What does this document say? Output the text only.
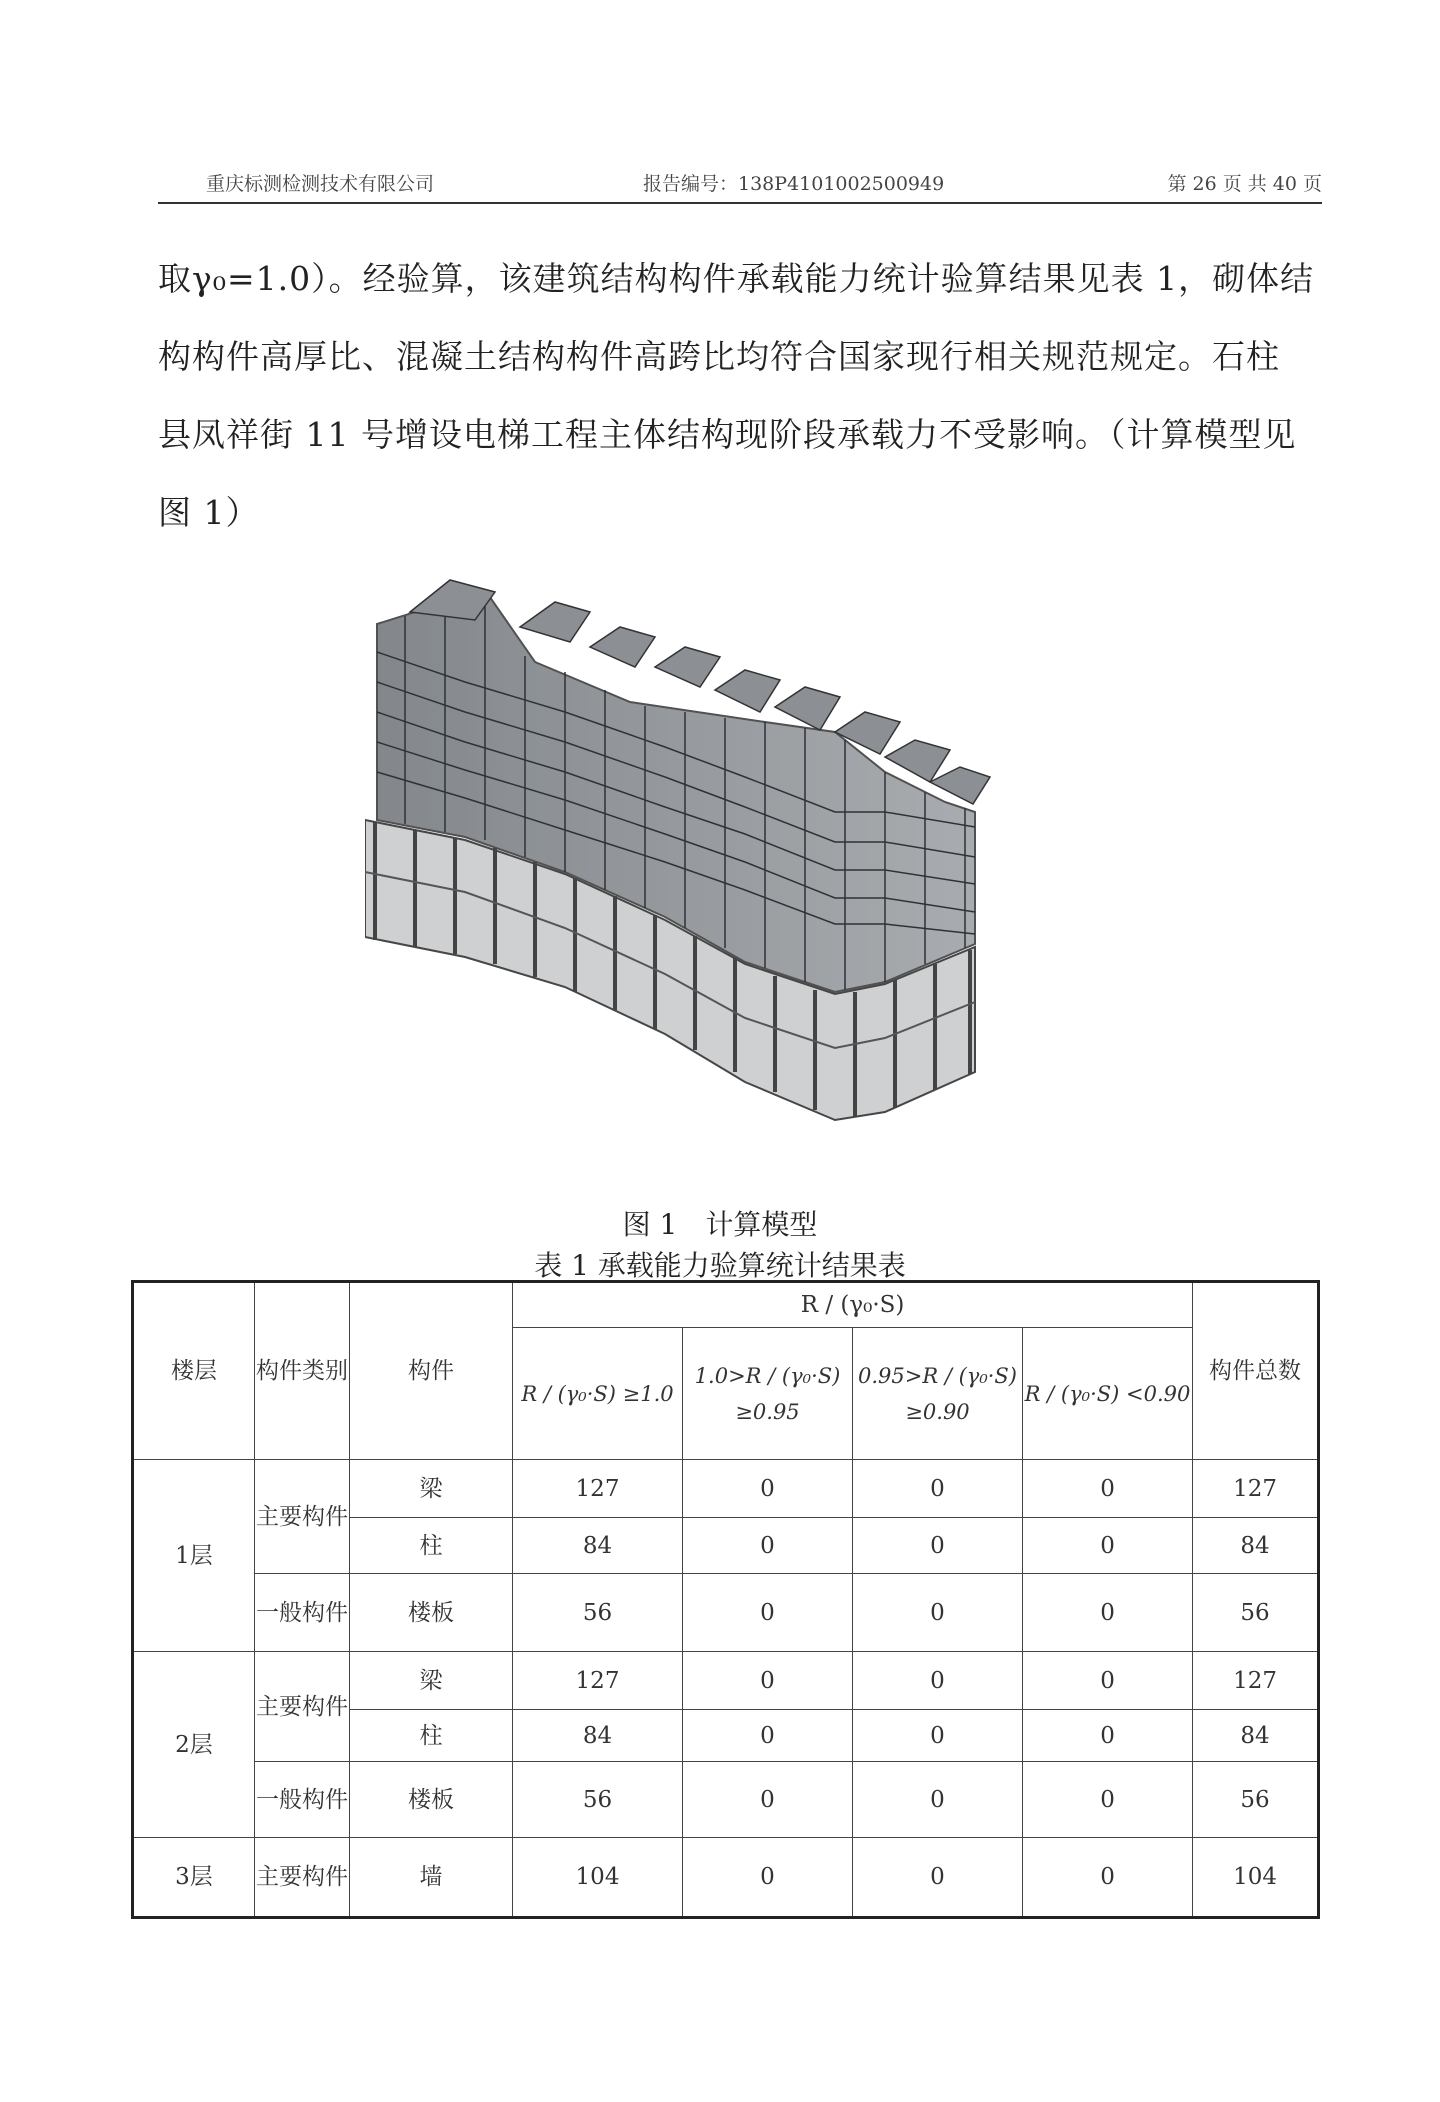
重庆标测检测技术有限公司	报告编号：138P4101002500949	第 26 页 共 40 页

取γ₀=1.0）。经验算，该建筑结构构件承载能力统计验算结果见表 1，砌体结

构构件高厚比、混凝土结构构件高跨比均符合国家现行相关规范规定。石柱

县凤祥街 11 号增设电梯工程主体结构现阶段承载力不受影响。（计算模型见

图 1）

图 1　计算模型
表 1 承载能力验算统计结果表
楼层	构件类别	构件	R / (γ₀·S)				构件总数
			R / (γ₀·S) ≥1.0	1.0>R / (γ₀·S) ≥0.95	0.95>R / (γ₀·S) ≥0.90	R / (γ₀·S) <0.90	
1层	主要构件	梁	127	0	0	0	127
		柱	84	0	0	0	84
	一般构件	楼板	56	0	0	0	56
2层	主要构件	梁	127	0	0	0	127
		柱	84	0	0	0	84
	一般构件	楼板	56	0	0	0	56
3层	主要构件	墙	104	0	0	0	104
